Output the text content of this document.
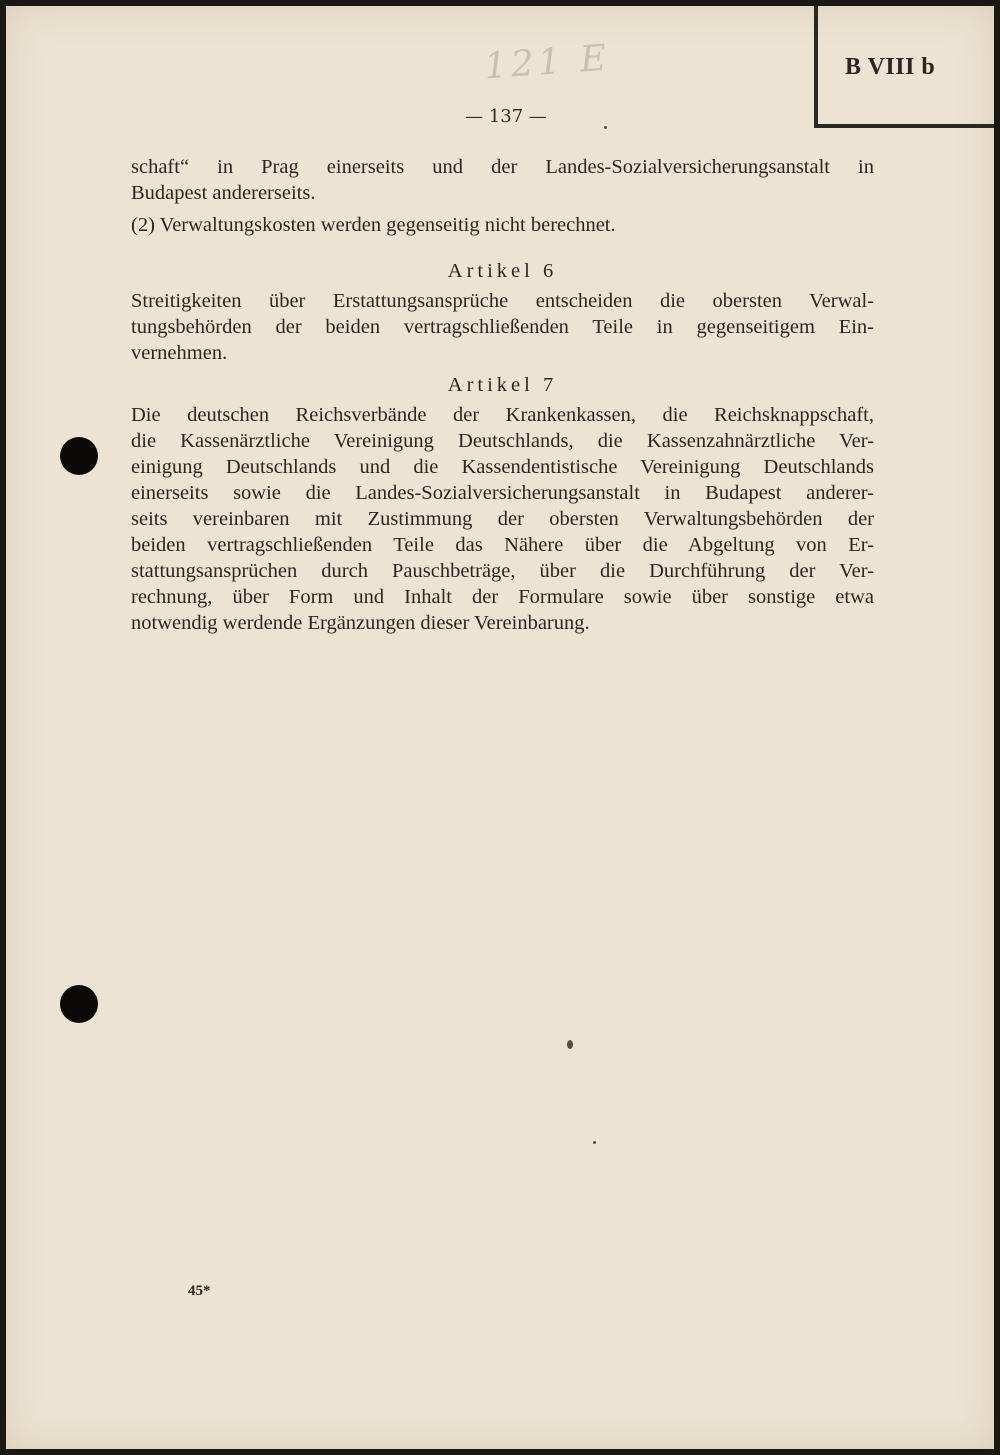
B VIII b
121 E
— 137 —
schaft“ in Prag einerseits und der Landes-Sozialversicherungsanstalt in
Budapest andererseits.
(2) Verwaltungskosten werden gegenseitig nicht berechnet.
Artikel 6
Streitigkeiten über Erstattungsansprüche entscheiden die obersten Verwal-
tungsbehörden der beiden vertragschließenden Teile in gegenseitigem Ein-
vernehmen.
Artikel 7
Die deutschen Reichsverbände der Krankenkassen, die Reichsknappschaft,
die Kassenärztliche Vereinigung Deutschlands, die Kassenzahnärztliche Ver-
einigung Deutschlands und die Kassendentistische Vereinigung Deutschlands
einerseits sowie die Landes-Sozialversicherungsanstalt in Budapest anderer-
seits vereinbaren mit Zustimmung der obersten Verwaltungsbehörden der
beiden vertragschließenden Teile das Nähere über die Abgeltung von Er-
stattungsansprüchen durch Pauschbeträge, über die Durchführung der Ver-
rechnung, über Form und Inhalt der Formulare sowie über sonstige etwa
notwendig werdende Ergänzungen dieser Vereinbarung.
45*
